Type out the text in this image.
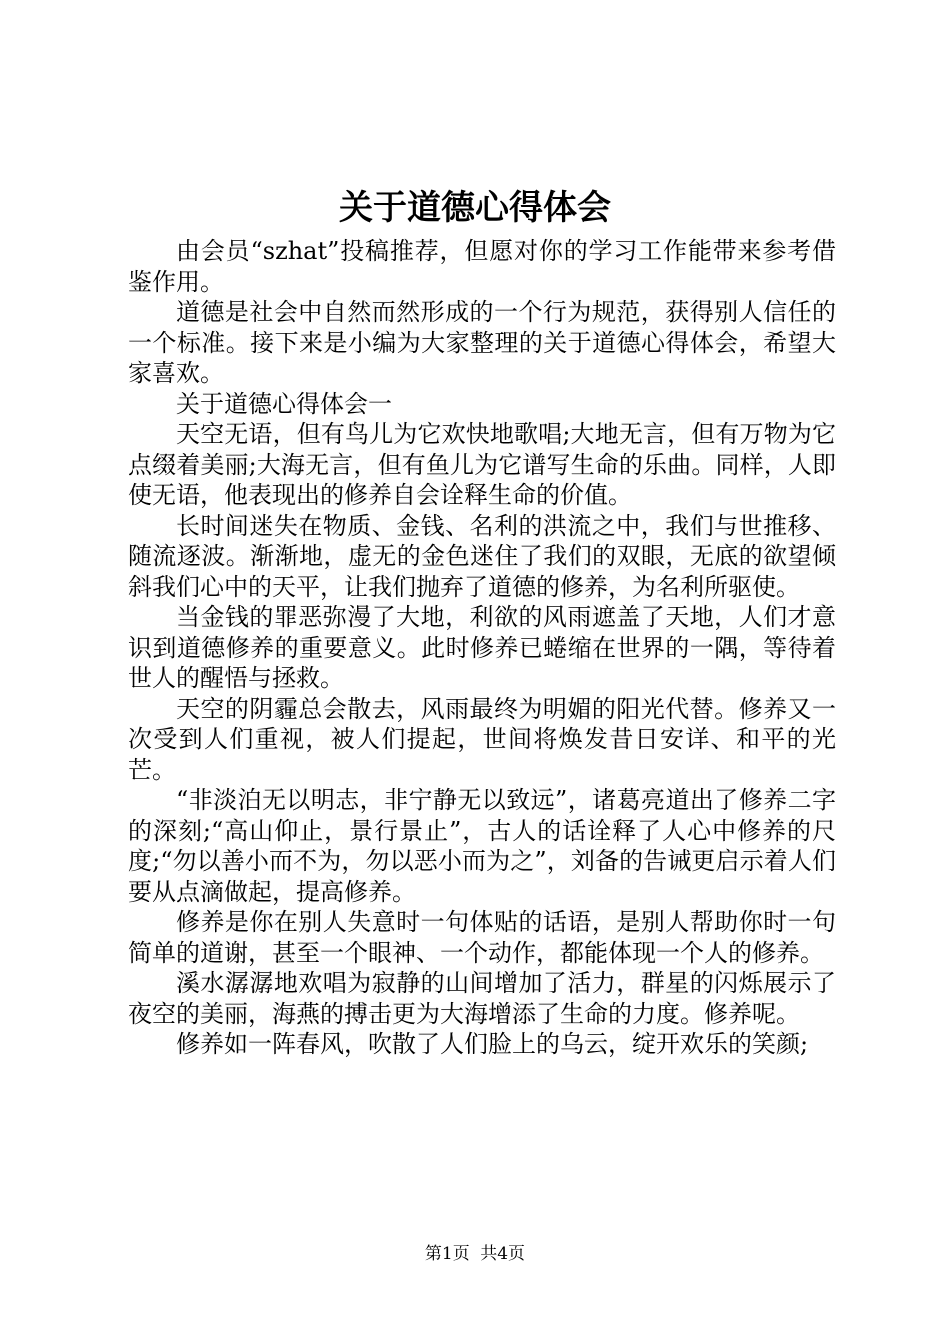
关于道德心得体会

由会员“szhat”投稿推荐，但愿对你的学习工作能带来参考借鉴作用。

道德是社会中自然而然形成的一个行为规范，获得别人信任的一个标准。接下来是小编为大家整理的关于道德心得体会，希望大家喜欢。

关于道德心得体会一

天空无语，但有鸟儿为它欢快地歌唱;大地无言，但有万物为它点缀着美丽;大海无言，但有鱼儿为它谱写生命的乐曲。同样，人即使无语，他表现出的修养自会诠释生命的价值。

长时间迷失在物质、金钱、名利的洪流之中，我们与世推移、随流逐波。渐渐地，虚无的金色迷住了我们的双眼，无底的欲望倾斜我们心中的天平，让我们抛弃了道德的修养，为名利所驱使。

当金钱的罪恶弥漫了大地，利欲的风雨遮盖了天地，人们才意识到道德修养的重要意义。此时修养已蜷缩在世界的一隅，等待着世人的醒悟与拯救。

天空的阴霾总会散去，风雨最终为明媚的阳光代替。修养又一次受到人们重视，被人们提起，世间将焕发昔日安详、和平的光芒。

“非淡泊无以明志，非宁静无以致远”，诸葛亮道出了修养二字的深刻;“高山仰止，景行景止”，古人的话诠释了人心中修养的尺度;“勿以善小而不为，勿以恶小而为之”，刘备的告诫更启示着人们要从点滴做起，提高修养。

修养是你在别人失意时一句体贴的话语，是别人帮助你时一句简单的道谢，甚至一个眼神、一个动作，都能体现一个人的修养。

溪水潺潺地欢唱为寂静的山间增加了活力，群星的闪烁展示了夜空的美丽，海燕的搏击更为大海增添了生命的力度。修养呢。

修养如一阵春风，吹散了人们脸上的乌云，绽开欢乐的笑颜;

第1页 共4页
